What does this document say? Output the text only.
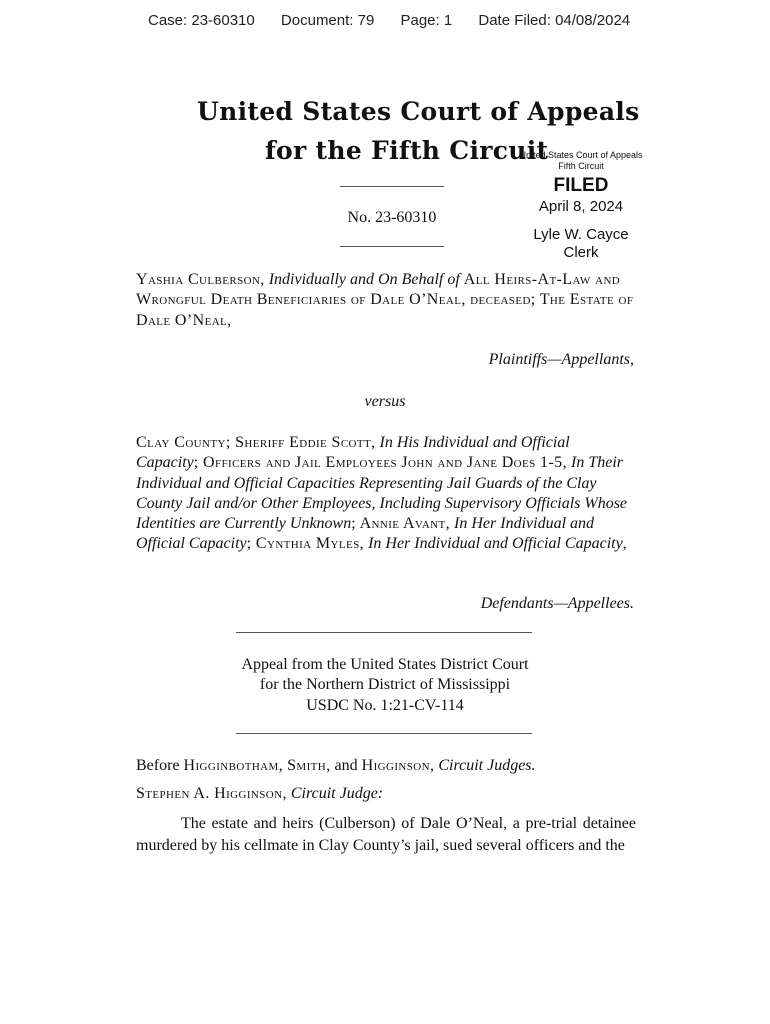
Case: 23-60310 Document: 79 Page: 1 Date Filed: 04/08/2024
United States Court of Appeals
for the Fifth Circuit
No. 23-60310
United States Court of Appeals
Fifth Circuit
FILED
April 8, 2024
Lyle W. Cayce
Clerk
Yashia Culberson, Individually and On Behalf of All Heirs-At-Law and Wrongful Death Beneficiaries of Dale O’Neal, deceased; The Estate of Dale O’Neal,
Plaintiffs—Appellants,
versus
Clay County; Sheriff Eddie Scott, In His Individual and Official Capacity; Officers and Jail Employees John and Jane Does 1-5, In Their Individual and Official Capacities Representing Jail Guards of the Clay County Jail and/or Other Employees, Including Supervisory Officials Whose Identities are Currently Unknown; Annie Avant, In Her Individual and Official Capacity; Cynthia Myles, In Her Individual and Official Capacity,
Defendants—Appellees.
Appeal from the United States District Court
for the Northern District of Mississippi
USDC No. 1:21-CV-114
Before Higginbotham, Smith, and Higginson, Circuit Judges.
Stephen A. Higginson, Circuit Judge:
The estate and heirs (Culberson) of Dale O’Neal, a pre-trial detainee murdered by his cellmate in Clay County’s jail, sued several officers and the
